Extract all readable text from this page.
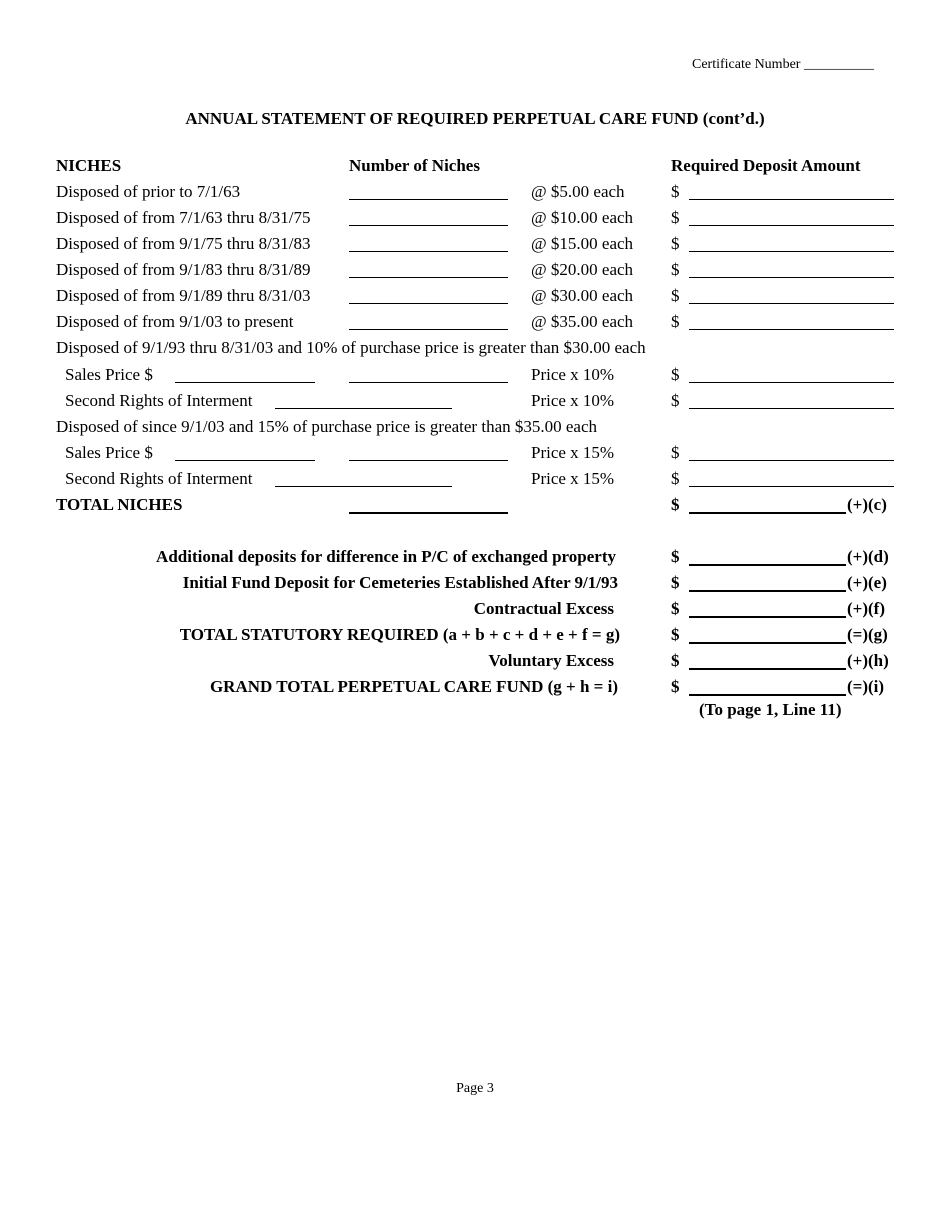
Certificate Number __________
ANNUAL STATEMENT OF REQUIRED PERPETUAL CARE FUND (cont’d.)
NICHES	Number of Niches	Required Deposit Amount
Disposed of prior to 7/1/63	@ $5.00 each	$
Disposed of from 7/1/63 thru 8/31/75	@ $10.00 each $
Disposed of from 9/1/75 thru 8/31/83	@ $15.00 each $
Disposed of from 9/1/83 thru 8/31/89	@ $20.00 each $
Disposed of from 9/1/89 thru 8/31/03	@ $30.00 each $
Disposed of from 9/1/03 to present	@ $35.00 each $
Disposed of 9/1/93 thru 8/31/03 and 10% of purchase price is greater than $30.00 each
Sales Price $	Price x 10%	$
Second Rights of Interment	Price x 10%	$
Disposed of since 9/1/03 and 15% of purchase price is greater than $35.00 each
Sales Price $	Price x 15%	$
Second Rights of Interment	Price x 15%	$
TOTAL NICHES	$	(+)(c)
Additional deposits for difference in P/C of exchanged property	$	(+)(d)
Initial Fund Deposit for Cemeteries Established After 9/1/93	$	(+)(e)
Contractual Excess	$	(+)(f)
TOTAL STATUTORY REQUIRED (a + b + c + d + e + f = g)	$	(=)(g)
Voluntary Excess	$	(+)(h)
GRAND TOTAL PERPETUAL CARE FUND (g + h = i)	$	(=)(i)
(To page 1, Line 11)
Page 3
